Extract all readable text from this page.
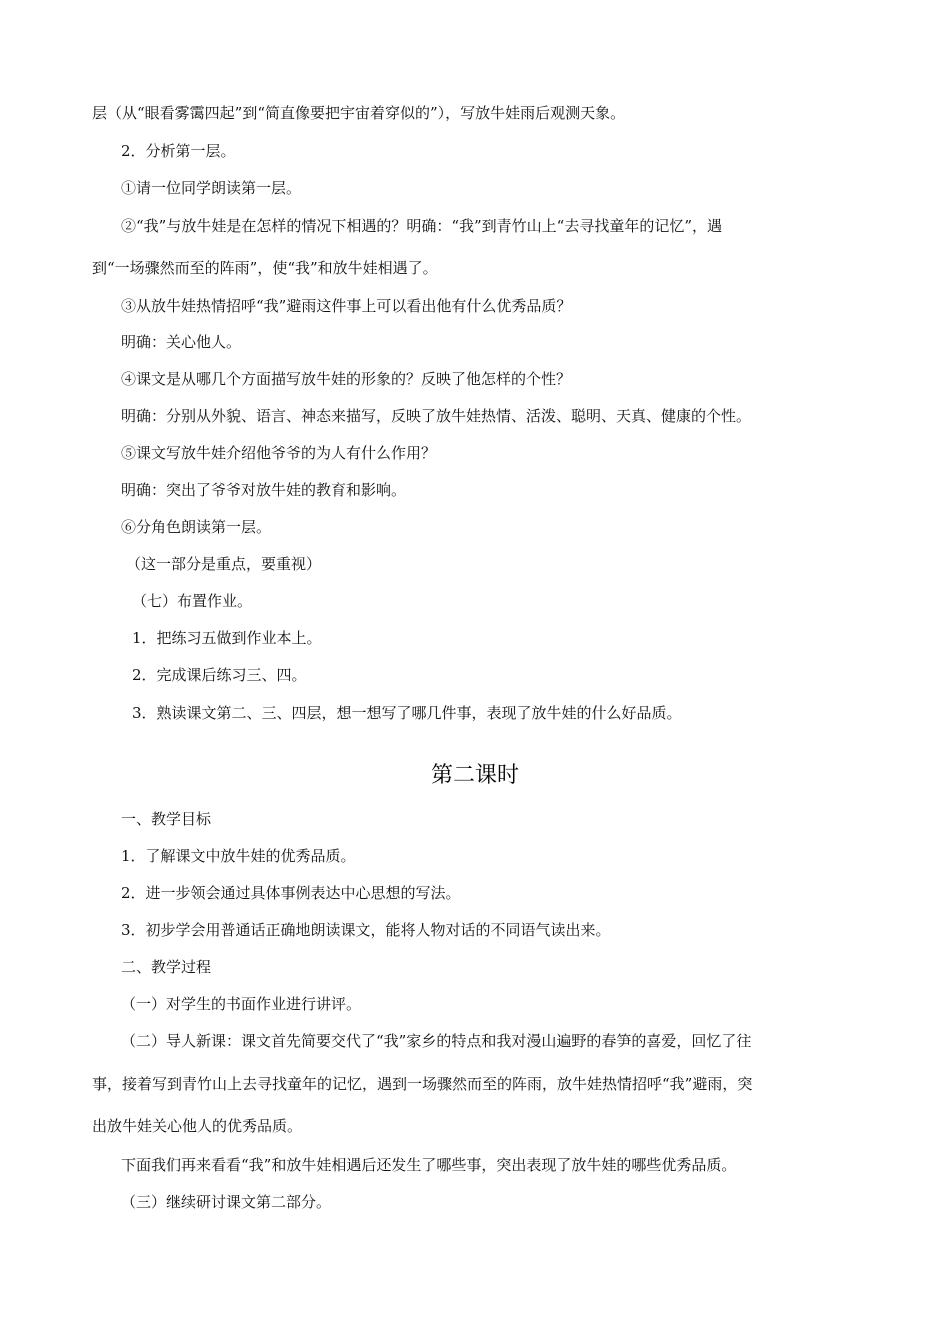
层（从“眼看雾霭四起”到“简直像要把宇宙着穿似的”），写放牛娃雨后观测天象。
2．分析第一层。
①请一位同学朗读第一层。
②“我”与放牛娃是在怎样的情况下相遇的？明确：“我”到青竹山上“去寻找童年的记忆”，遇
到“一场骤然而至的阵雨”，使“我”和放牛娃相遇了。
③从放牛娃热情招呼“我”避雨这件事上可以看出他有什么优秀品质？
明确：关心他人。
④课文是从哪几个方面描写放牛娃的形象的？反映了他怎样的个性？
明确：分别从外貌、语言、神态来描写，反映了放牛娃热情、活泼、聪明、天真、健康的个性。
⑤课文写放牛娃介绍他爷爷的为人有什么作用？
明确：突出了爷爷对放牛娃的教育和影响。
⑥分角色朗读第一层。
（这一部分是重点，要重视）
（七）布置作业。
1．把练习五做到作业本上。
2．完成课后练习三、四。
3．熟读课文第二、三、四层，想一想写了哪几件事，表现了放牛娃的什么好品质。
第二课时
一、教学目标
1．了解课文中放牛娃的优秀品质。
2．进一步领会通过具体事例表达中心思想的写法。
3．初步学会用普通话正确地朗读课文，能将人物对话的不同语气读出来。
二、教学过程
（一）对学生的书面作业进行讲评。
（二）导人新课：课文首先简要交代了“我”家乡的特点和我对漫山遍野的春笋的喜爱，回忆了往
事，接着写到青竹山上去寻找童年的记忆，遇到一场骤然而至的阵雨，放牛娃热情招呼“我”避雨，突
出放牛娃关心他人的优秀品质。
下面我们再来看看“我”和放牛娃相遇后还发生了哪些事，突出表现了放牛娃的哪些优秀品质。
（三）继续研讨课文第二部分。
